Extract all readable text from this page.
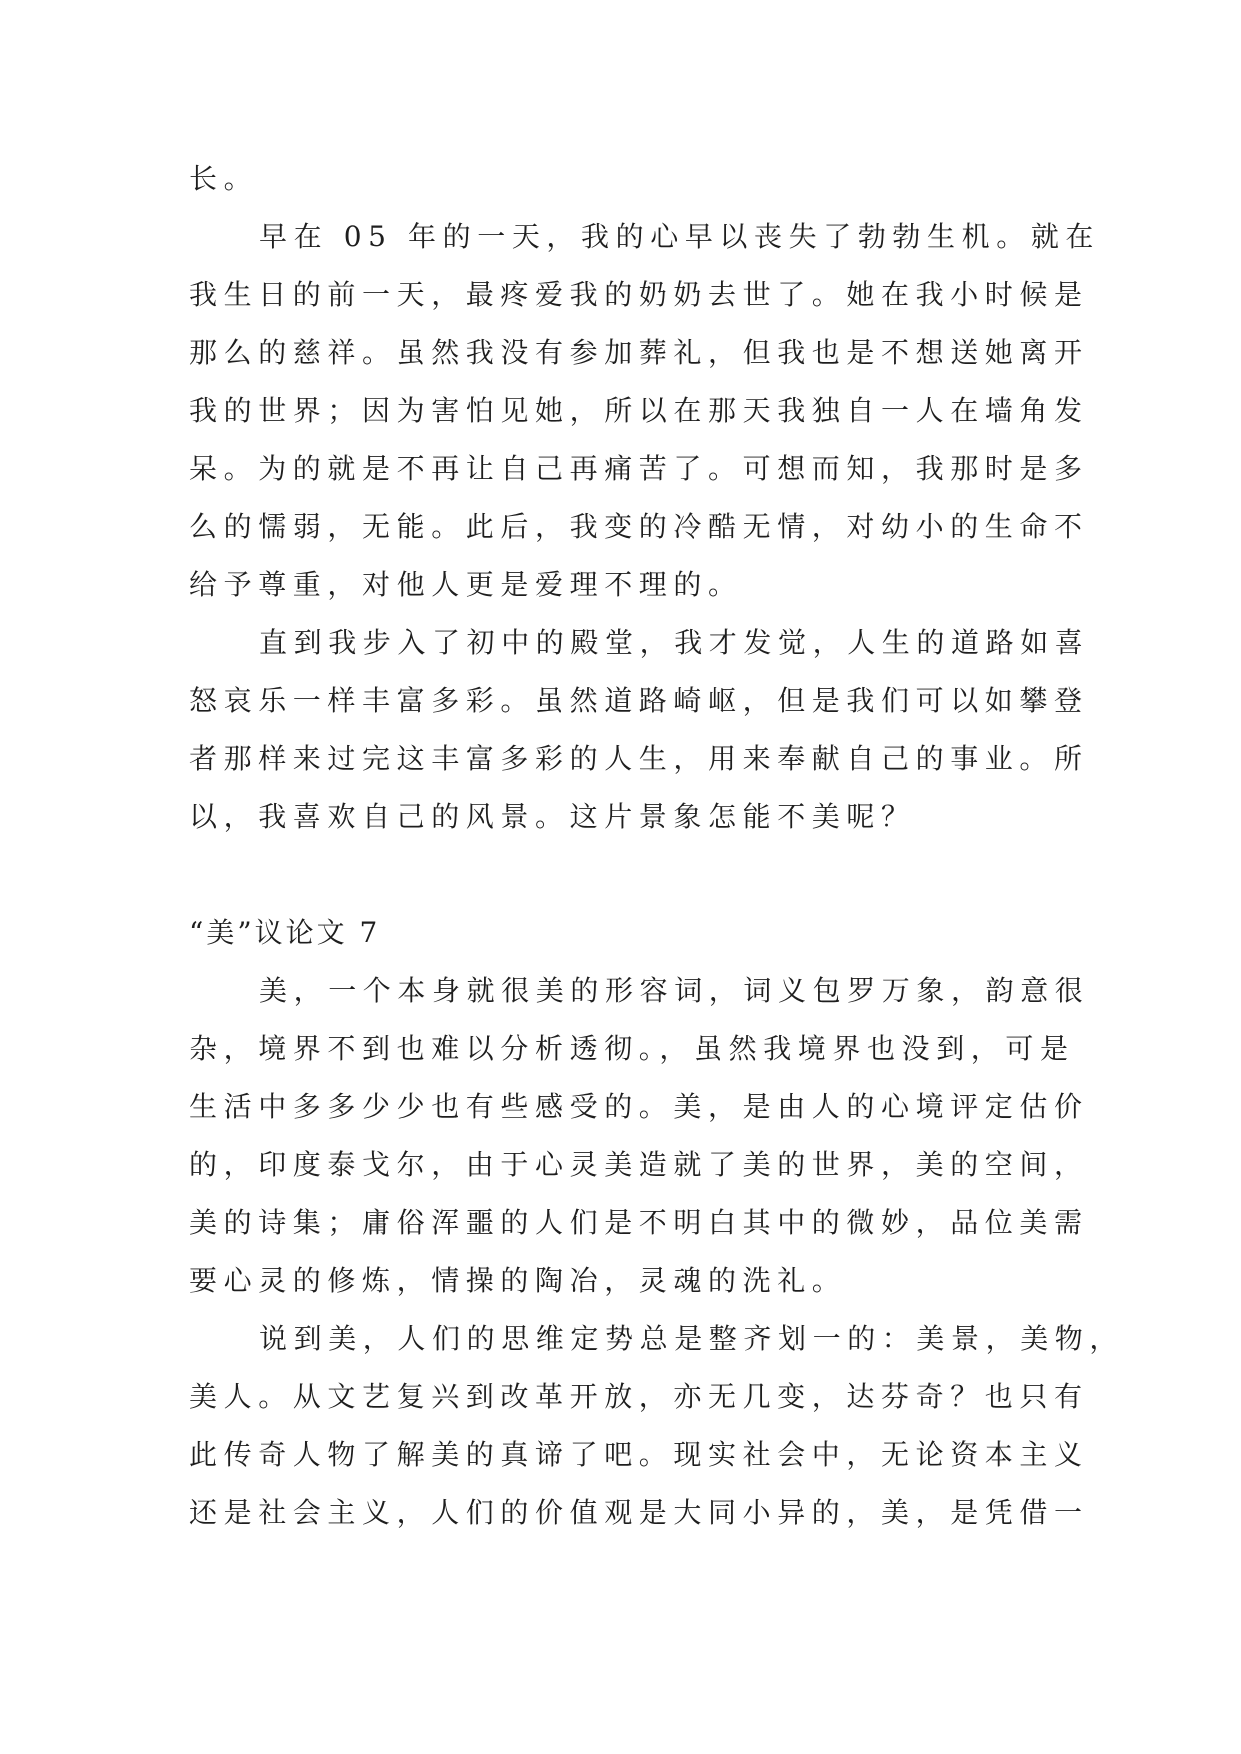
长。
早在 05 年的一天，我的心早以丧失了勃勃生机。就在
我生日的前一天，最疼爱我的奶奶去世了。她在我小时候是
那么的慈祥。虽然我没有参加葬礼，但我也是不想送她离开
我的世界；因为害怕见她，所以在那天我独自一人在墙角发
呆。为的就是不再让自己再痛苦了。可想而知，我那时是多
么的懦弱，无能。此后，我变的冷酷无情，对幼小的生命不
给予尊重，对他人更是爱理不理的。
直到我步入了初中的殿堂，我才发觉，人生的道路如喜
怒哀乐一样丰富多彩。虽然道路崎岖，但是我们可以如攀登
者那样来过完这丰富多彩的人生，用来奉献自己的事业。所
以，我喜欢自己的风景。这片景象怎能不美呢？
“美”议论文 7
美，一个本身就很美的形容词，词义包罗万象，韵意很
杂，境界不到也难以分析透彻。，虽然我境界也没到，可是
生活中多多少少也有些感受的。美，是由人的心境评定估价
的，印度泰戈尔，由于心灵美造就了美的世界，美的空间，
美的诗集；庸俗浑噩的人们是不明白其中的微妙，品位美需
要心灵的修炼，情操的陶冶，灵魂的洗礼。
说到美，人们的思维定势总是整齐划一的：美景，美物，
美人。从文艺复兴到改革开放，亦无几变，达芬奇？也只有
此传奇人物了解美的真谛了吧。现实社会中，无论资本主义
还是社会主义，人们的价值观是大同小异的，美，是凭借一
